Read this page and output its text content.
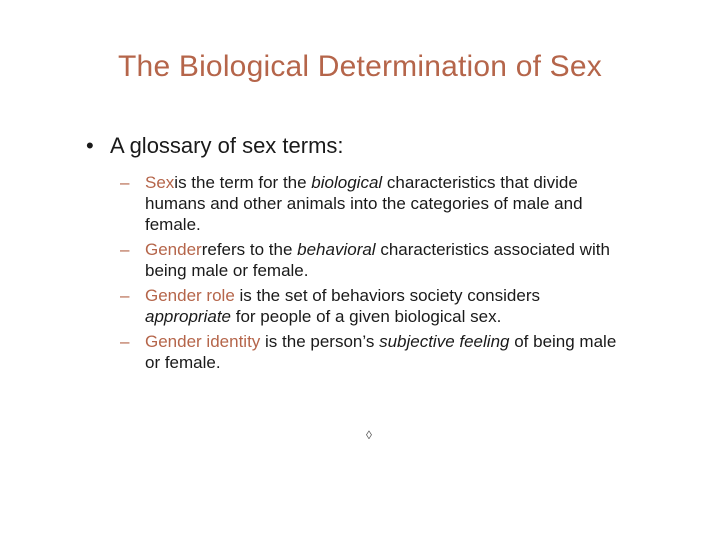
The Biological Determination of Sex
• A glossary of sex terms:
– Sexis the term for the biological characteristics that divide humans and other animals into the categories of male and female.
– Genderrefers to the behavioral characteristics associated with being male or female.
– Gender role is the set of behaviors society considers appropriate for people of a given biological sex.
– Gender identity is the person’s subjective feeling of being male or female.
◊
